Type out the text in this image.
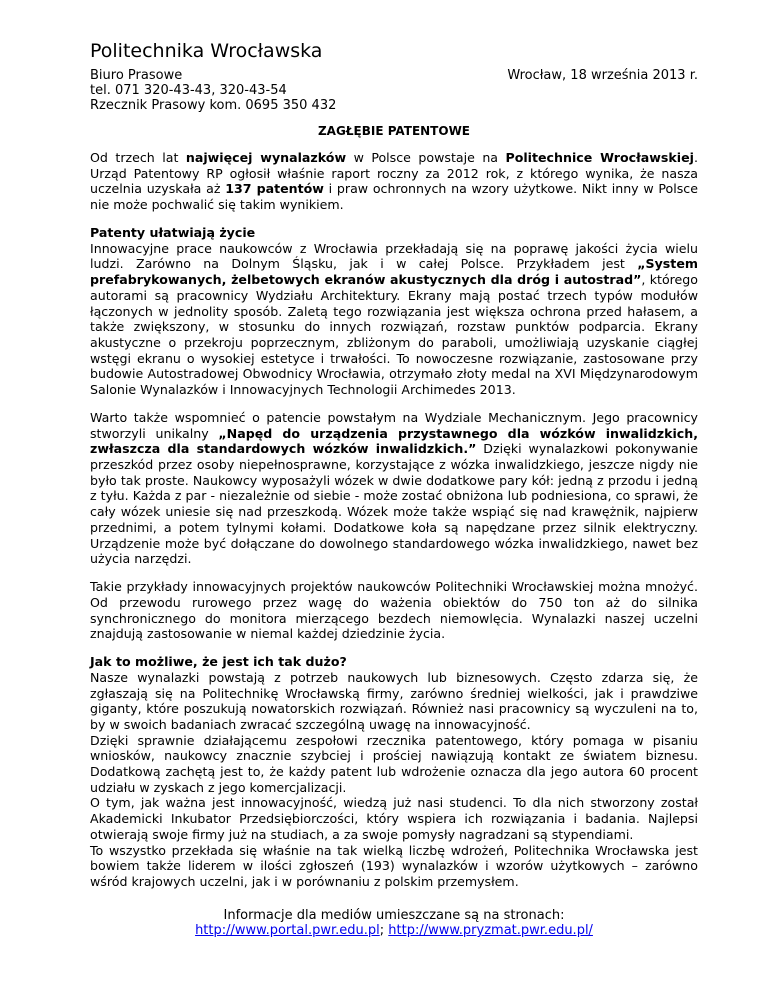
Politechnika Wrocławska
Biuro Prasowe
tel. 071 320-43-43, 320-43-54
Rzecznik Prasowy kom. 0695 350 432
Wrocław, 18 września 2013 r.
ZAGŁĘBIE PATENTOWE

Od trzech lat najwięcej wynalazków w Polsce powstaje na Politechnice Wrocławskiej. Urząd Patentowy RP ogłosił właśnie raport roczny za 2012 rok, z którego wynika, że nasza uczelnia uzyskała aż 137 patentów i praw ochronnych na wzory użytkowe. Nikt inny w Polsce nie może pochwalić się takim wynikiem.

Patenty ułatwiają życie
Innowacyjne prace naukowców z Wrocławia przekładają się na poprawę jakości życia wielu ludzi. Zarówno na Dolnym Śląsku, jak i w całej Polsce. Przykładem jest „System prefabrykowanych, żelbetowych ekranów akustycznych dla dróg i autostrad”, którego autorami są pracownicy Wydziału Architektury. Ekrany mają postać trzech typów modułów łączonych w jednolity sposób. Zaletą tego rozwiązania jest większa ochrona przed hałasem, a także zwiększony, w stosunku do innych rozwiązań, rozstaw punktów podparcia. Ekrany akustyczne o przekroju poprzecznym, zbliżonym do paraboli, umożliwiają uzyskanie ciągłej wstęgi ekranu o wysokiej estetyce i trwałości. To nowoczesne rozwiązanie, zastosowane przy budowie Autostradowej Obwodnicy Wrocławia, otrzymało złoty medal na XVI Międzynarodowym Salonie Wynalazków i Innowacyjnych Technologii Archimedes 2013.

Warto także wspomnieć o patencie powstałym na Wydziale Mechanicznym. Jego pracownicy stworzyli unikalny „Napęd do urządzenia przystawnego dla wózków inwalidzkich, zwłaszcza dla standardowych wózków inwalidzkich.” Dzięki wynalazkowi pokonywanie przeszkód przez osoby niepełnosprawne, korzystające z wózka inwalidzkiego, jeszcze nigdy nie było tak proste. Naukowcy wyposażyli wózek w dwie dodatkowe pary kół: jedną z przodu i jedną z tyłu. Każda z par - niezależnie od siebie - może zostać obniżona lub podniesiona, co sprawi, że cały wózek uniesie się nad przeszkodą. Wózek może także wspiąć się nad krawężnik, najpierw przednimi, a potem tylnymi kołami. Dodatkowe koła są napędzane przez silnik elektryczny. Urządzenie może być dołączane do dowolnego standardowego wózka inwalidzkiego, nawet bez użycia narzędzi.

Takie przykłady innowacyjnych projektów naukowców Politechniki Wrocławskiej można mnożyć. Od przewodu rurowego przez wagę do ważenia obiektów do 750 ton aż do silnika synchronicznego do monitora mierzącego bezdech niemowlęcia. Wynalazki naszej uczelni znajdują zastosowanie w niemal każdej dziedzinie życia.

Jak to możliwe, że jest ich tak dużo?
Nasze wynalazki powstają z potrzeb naukowych lub biznesowych. Często zdarza się, że zgłaszają się na Politechnikę Wrocławską firmy, zarówno średniej wielkości, jak i prawdziwe giganty, które poszukują nowatorskich rozwiązań. Również nasi pracownicy są wyczuleni na to, by w swoich badaniach zwracać szczególną uwagę na innowacyjność.
Dzięki sprawnie działającemu zespołowi rzecznika patentowego, który pomaga w pisaniu wniosków, naukowcy znacznie szybciej i prościej nawiązują kontakt ze światem biznesu. Dodatkową zachętą jest to, że każdy patent lub wdrożenie oznacza dla jego autora 60 procent udziału w zyskach z jego komercjalizacji.
O tym, jak ważna jest innowacyjność, wiedzą już nasi studenci. To dla nich stworzony został Akademicki Inkubator Przedsiębiorczości, który wspiera ich rozwiązania i badania. Najlepsi otwierają swoje firmy już na studiach, a za swoje pomysły nagradzani są stypendiami.
To wszystko przekłada się właśnie na tak wielką liczbę wdrożeń, Politechnika Wrocławska jest bowiem także liderem w ilości zgłoszeń (193) wynalazków i wzorów użytkowych – zarówno wśród krajowych uczelni, jak i w porównaniu z polskim przemysłem.

Informacje dla mediów umieszczane są na stronach:
http://www.portal.pwr.edu.pl; http://www.pryzmat.pwr.edu.pl/
